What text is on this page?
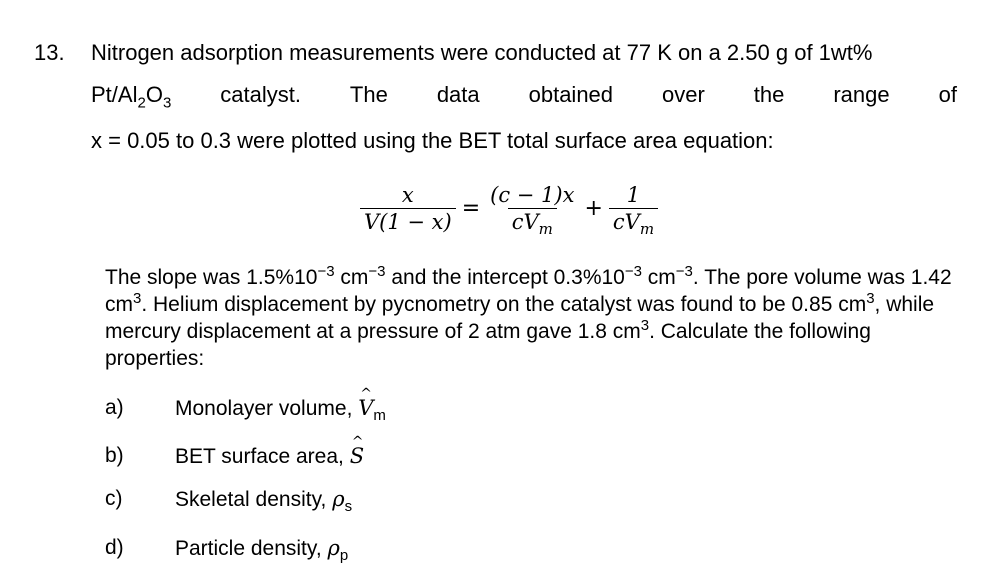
13. Nitrogen adsorption measurements were conducted at 77 K on a 2.50 g of 1wt%
$Pt/Al_2O_3$ catalyst. The data obtained over the range of
x = 0.05 to 0.3 were plotted using the BET total surface area equation:
$\frac{x}{V(1 - x)} = \frac{(c - 1)x}{cV_m} + \frac{1}{cV_m}$
The slope was $1.5\%10^{-3}$ $cm^{-3}$ and the intercept $0.3\%10^{-3}$ $cm^{-3}$. The pore volume was 1.42 $cm^3$. Helium displacement by pycnometry on the catalyst was found to be 0.85 $cm^3$, while mercury displacement at a pressure of 2 atm gave 1.8 $cm^3$. Calculate the following properties:
a) Monolayer volume, V $\^{}_m$
b) BET surface area, S ^
c)	Skeletal density, $\rho_s$
d) Particle density, $\rho_p$
